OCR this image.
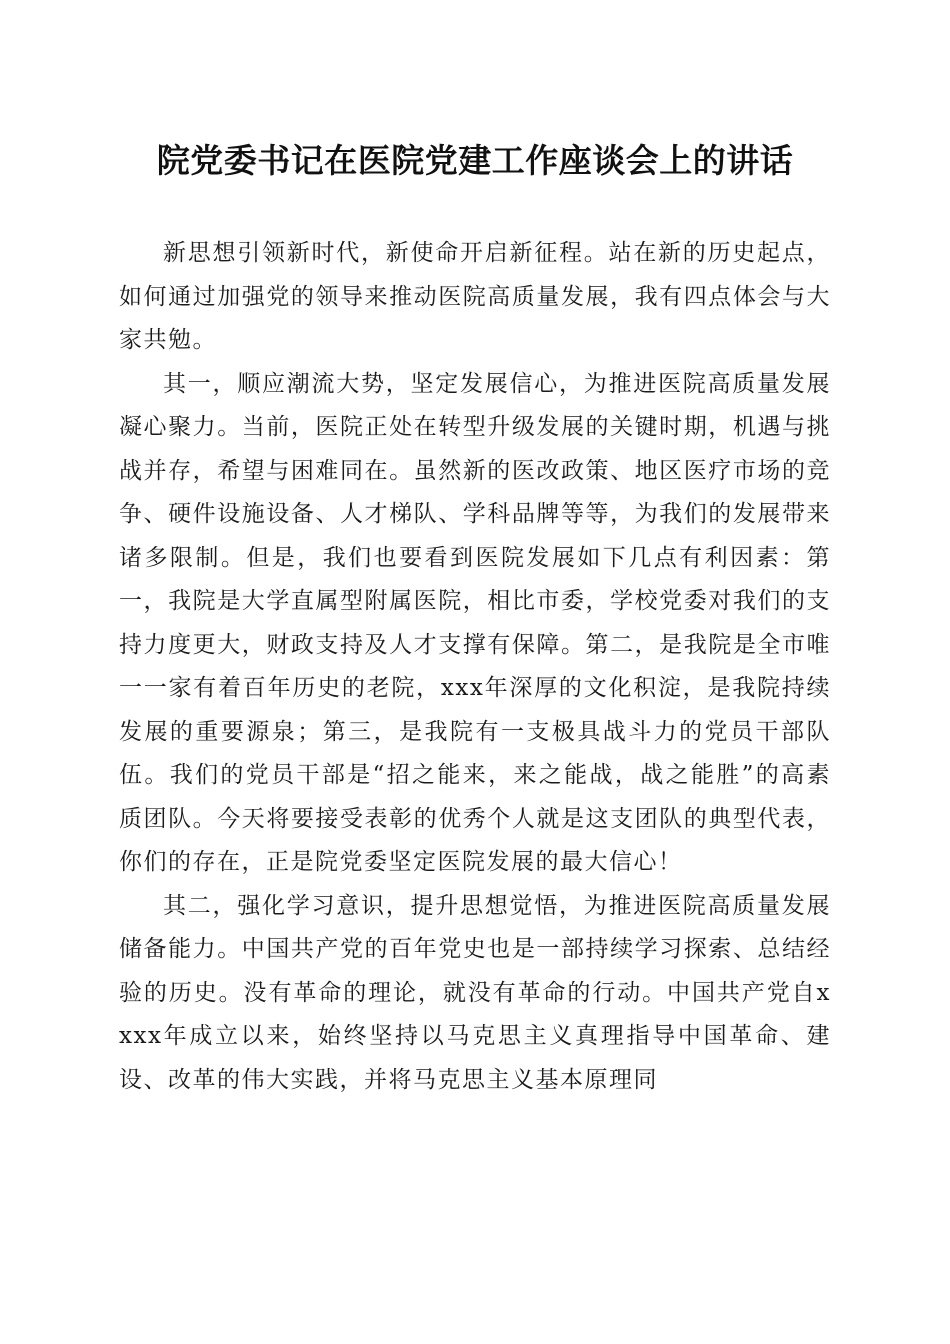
院党委书记在医院党建工作座谈会上的讲话

新思想引领新时代，新使命开启新征程。站在新的历史起点，如何通过加强党的领导来推动医院高质量发展，我有四点体会与大家共勉。

其一，顺应潮流大势，坚定发展信心，为推进医院高质量发展凝心聚力。当前，医院正处在转型升级发展的关键时期，机遇与挑战并存，希望与困难同在。虽然新的医改政策、地区医疗市场的竞争、硬件设施设备、人才梯队、学科品牌等等，为我们的发展带来诸多限制。但是，我们也要看到医院发展如下几点有利因素：第一，我院是大学直属型附属医院，相比市委，学校党委对我们的支持力度更大，财政支持及人才支撑有保障。第二，是我院是全市唯一一家有着百年历史的老院，xxx年深厚的文化积淀，是我院持续发展的重要源泉；第三，是我院有一支极具战斗力的党员干部队伍。我们的党员干部是“招之能来，来之能战，战之能胜”的高素质团队。今天将要接受表彰的优秀个人就是这支团队的典型代表，你们的存在，正是院党委坚定医院发展的最大信心！

其二，强化学习意识，提升思想觉悟，为推进医院高质量发展储备能力。中国共产党的百年党史也是一部持续学习探索、总结经验的历史。没有革命的理论，就没有革命的行动。中国共产党自xxxx年成立以来，始终坚持以马克思主义真理指导中国革命、建设、改革的伟大实践，并将马克思主义基本原理同
